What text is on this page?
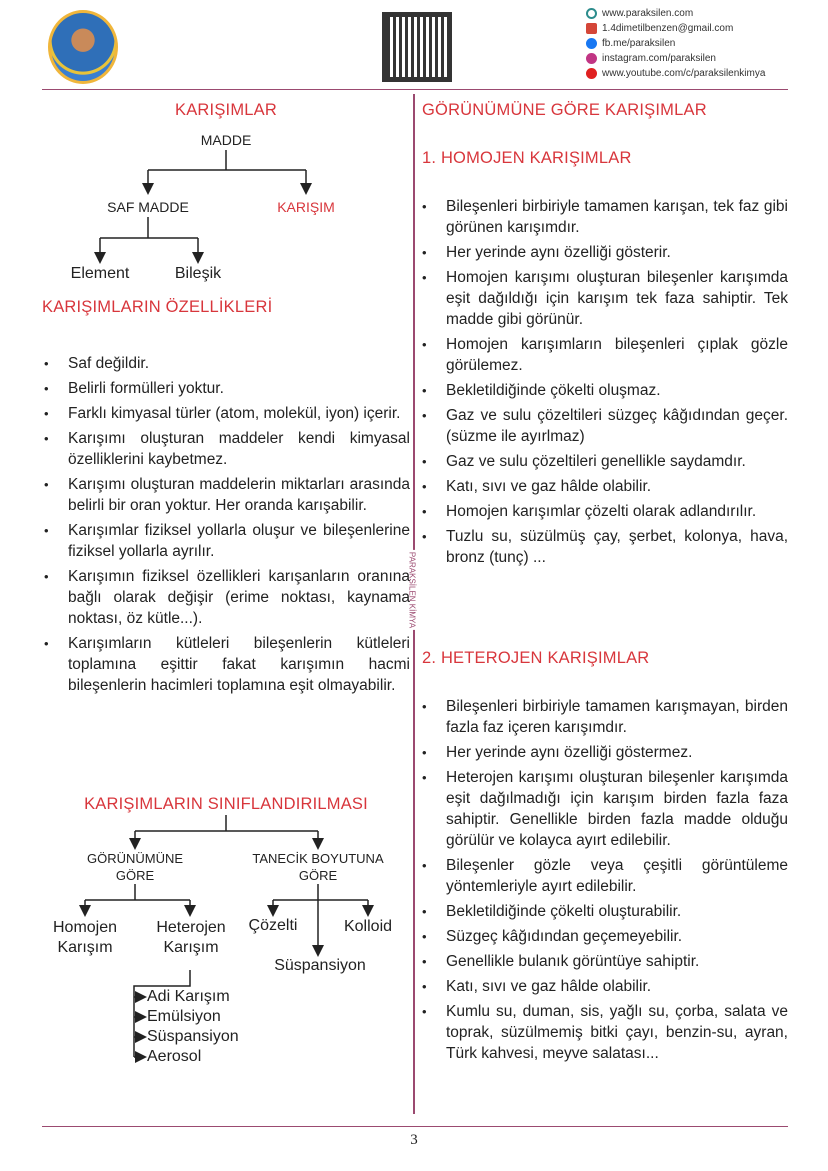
www.paraksilen.com
1.4dimetilbenzen@gmail.com
fb.me/paraksilen
instagram.com/paraksilen
www.youtube.com/c/paraksilenkimya
PARAKSİLEN KİMYA
KARIŞIMLAR
MADDE
SAF MADDE	KARIŞIM
Element	Bileşik
KARIŞIMLARIN ÖZELLİKLERİ
• Saf değildir.
• Belirli formülleri yoktur.
• Farklı kimyasal türler (atom, molekül, iyon) içerir.
• Karışımı oluşturan maddeler kendi kimyasal özelliklerini kaybetmez.
• Karışımı oluşturan maddelerin miktarları arasında belirli bir oran yoktur. Her oranda karışabilir.
• Karışımlar fiziksel yollarla oluşur ve bileşenlerine fiziksel yollarla ayrılır.
• Karışımın fiziksel özellikleri karışanların oranına bağlı olarak değişir (erime noktası, kaynama noktası, öz kütle...).
• Karışımların kütleleri bileşenlerin kütleleri toplamına eşittir fakat karışımın hacmi bileşenlerin hacimleri toplamına eşit olmayabilir.
KARIŞIMLARIN SINIFLANDIRILMASI
GÖRÜNÜMÜNE
GÖRE
TANECİK BOYUTUNA
GÖRE
Homojen
Karışım
Heterojen
Karışım
Çözelti	Kolloid
Süspansiyon
Adi Karışım
Emülsiyon
Süspansiyon
Aerosol
GÖRÜNÜMÜNE GÖRE KARIŞIMLAR
1. HOMOJEN KARIŞIMLAR
• Bileşenleri birbiriyle tamamen karışan, tek faz gibi görünen karışımdır.
• Her yerinde aynı özelliği gösterir.
• Homojen karışımı oluşturan bileşenler karışımda eşit dağıldığı için karışım tek faza sahiptir. Tek madde gibi görünür.
• Homojen karışımların bileşenleri çıplak gözle görülemez.
• Bekletildiğinde çökelti oluşmaz.
• Gaz ve sulu çözeltileri süzgeç kâğıdından geçer. (süzme ile ayırlmaz)
• Gaz ve sulu çözeltileri genellikle saydamdır.
• Katı, sıvı ve gaz hâlde olabilir.
• Homojen karışımlar çözelti olarak adlandırılır.
• Tuzlu su, süzülmüş çay, şerbet, kolonya, hava, bronz (tunç) ...
2. HETEROJEN KARIŞIMLAR
• Bileşenleri birbiriyle tamamen karışmayan, birden fazla faz içeren karışımdır.
• Her yerinde aynı özelliği göstermez.
• Heterojen karışımı oluşturan bileşenler karışımda eşit dağılmadığı için karışım birden fazla faza sahiptir. Genellikle birden fazla madde olduğu görülür ve kolayca ayırt edilebilir.
• Bileşenler gözle veya çeşitli görüntüleme yöntemleriyle ayırt edilebilir.
• Bekletildiğinde çökelti oluşturabilir.
• Süzgeç kâğıdından geçemeyebilir.
• Genellikle bulanık görüntüye sahiptir.
• Katı, sıvı ve gaz hâlde olabilir.
• Kumlu su, duman, sis, yağlı su, çorba, salata ve toprak, süzülmemiş bitki çayı, benzin-su, ayran, Türk kahvesi, meyve salatası...
3
